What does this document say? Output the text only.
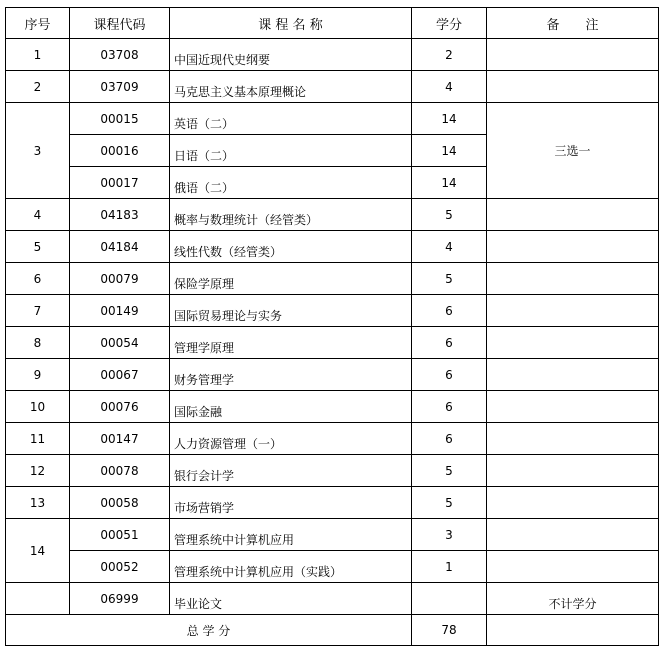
序号	课程代码	课 程 名 称	学分	备　　注
1	03708	中国近现代史纲要	2	
2	03709	马克思主义基本原理概论	4	
3	00015	英语（二）	14	三选一
	00016	日语（二）	14	
	00017	俄语（二）	14	
4	04183	概率与数理统计（经管类）	5	
5	04184	线性代数（经管类）	4	
6	00079	保险学原理	5	
7	00149	国际贸易理论与实务	6	
8	00054	管理学原理	6	
9	00067	财务管理学	6	
10	00076	国际金融	6	
11	00147	人力资源管理（一）	6	
12	00078	银行会计学	5	
13	00058	市场营销学	5	
14	00051	管理系统中计算机应用	3	
	00052	管理系统中计算机应用（实践）	1	
	06999	毕业论文		不计学分
总 学 分			78	
